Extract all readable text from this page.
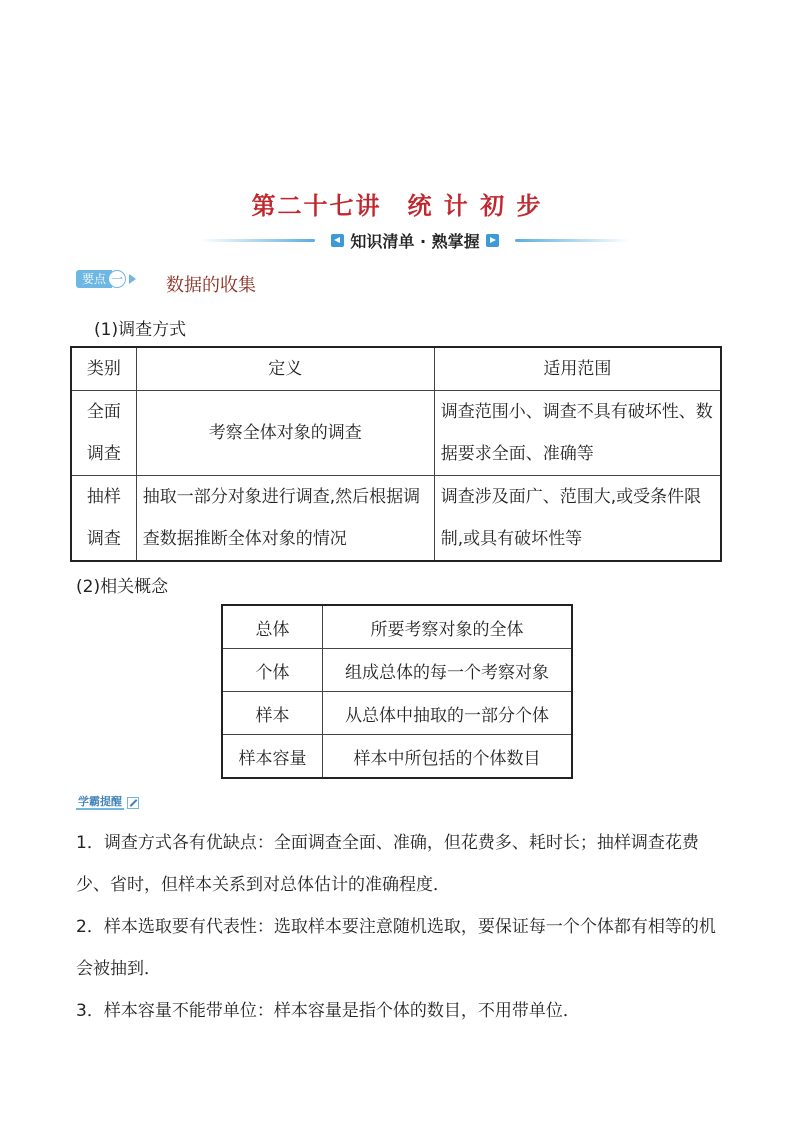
第二十七讲　统 计 初 步
知识清单 · 熟掌握
要点 一 数据的收集
(1)调查方式
类别	定义	适用范围

全面
调查	考察全体对象的调查	调查范围小、调查不具有破坏性、数据要求全面、准确等

抽样
调查	抽取一部分对象进行调查,然后根据调查数据推断全体对象的情况	调查涉及面广、范围大,或受条件限制,或具有破坏性等
(2)相关概念
总体	所要考察对象的全体
个体	组成总体的每一个考察对象
样本	从总体中抽取的一部分个体
样本容量	样本中所包括的个体数目
学霸提醒
1．调查方式各有优缺点：全面调查全面、准确，但花费多、耗时长；抽样调查花费少、省时，但样本关系到对总体估计的准确程度．
2．样本选取要有代表性：选取样本要注意随机选取，要保证每一个个体都有相等的机会被抽到．
3．样本容量不能带单位：样本容量是指个体的数目，不用带单位．
